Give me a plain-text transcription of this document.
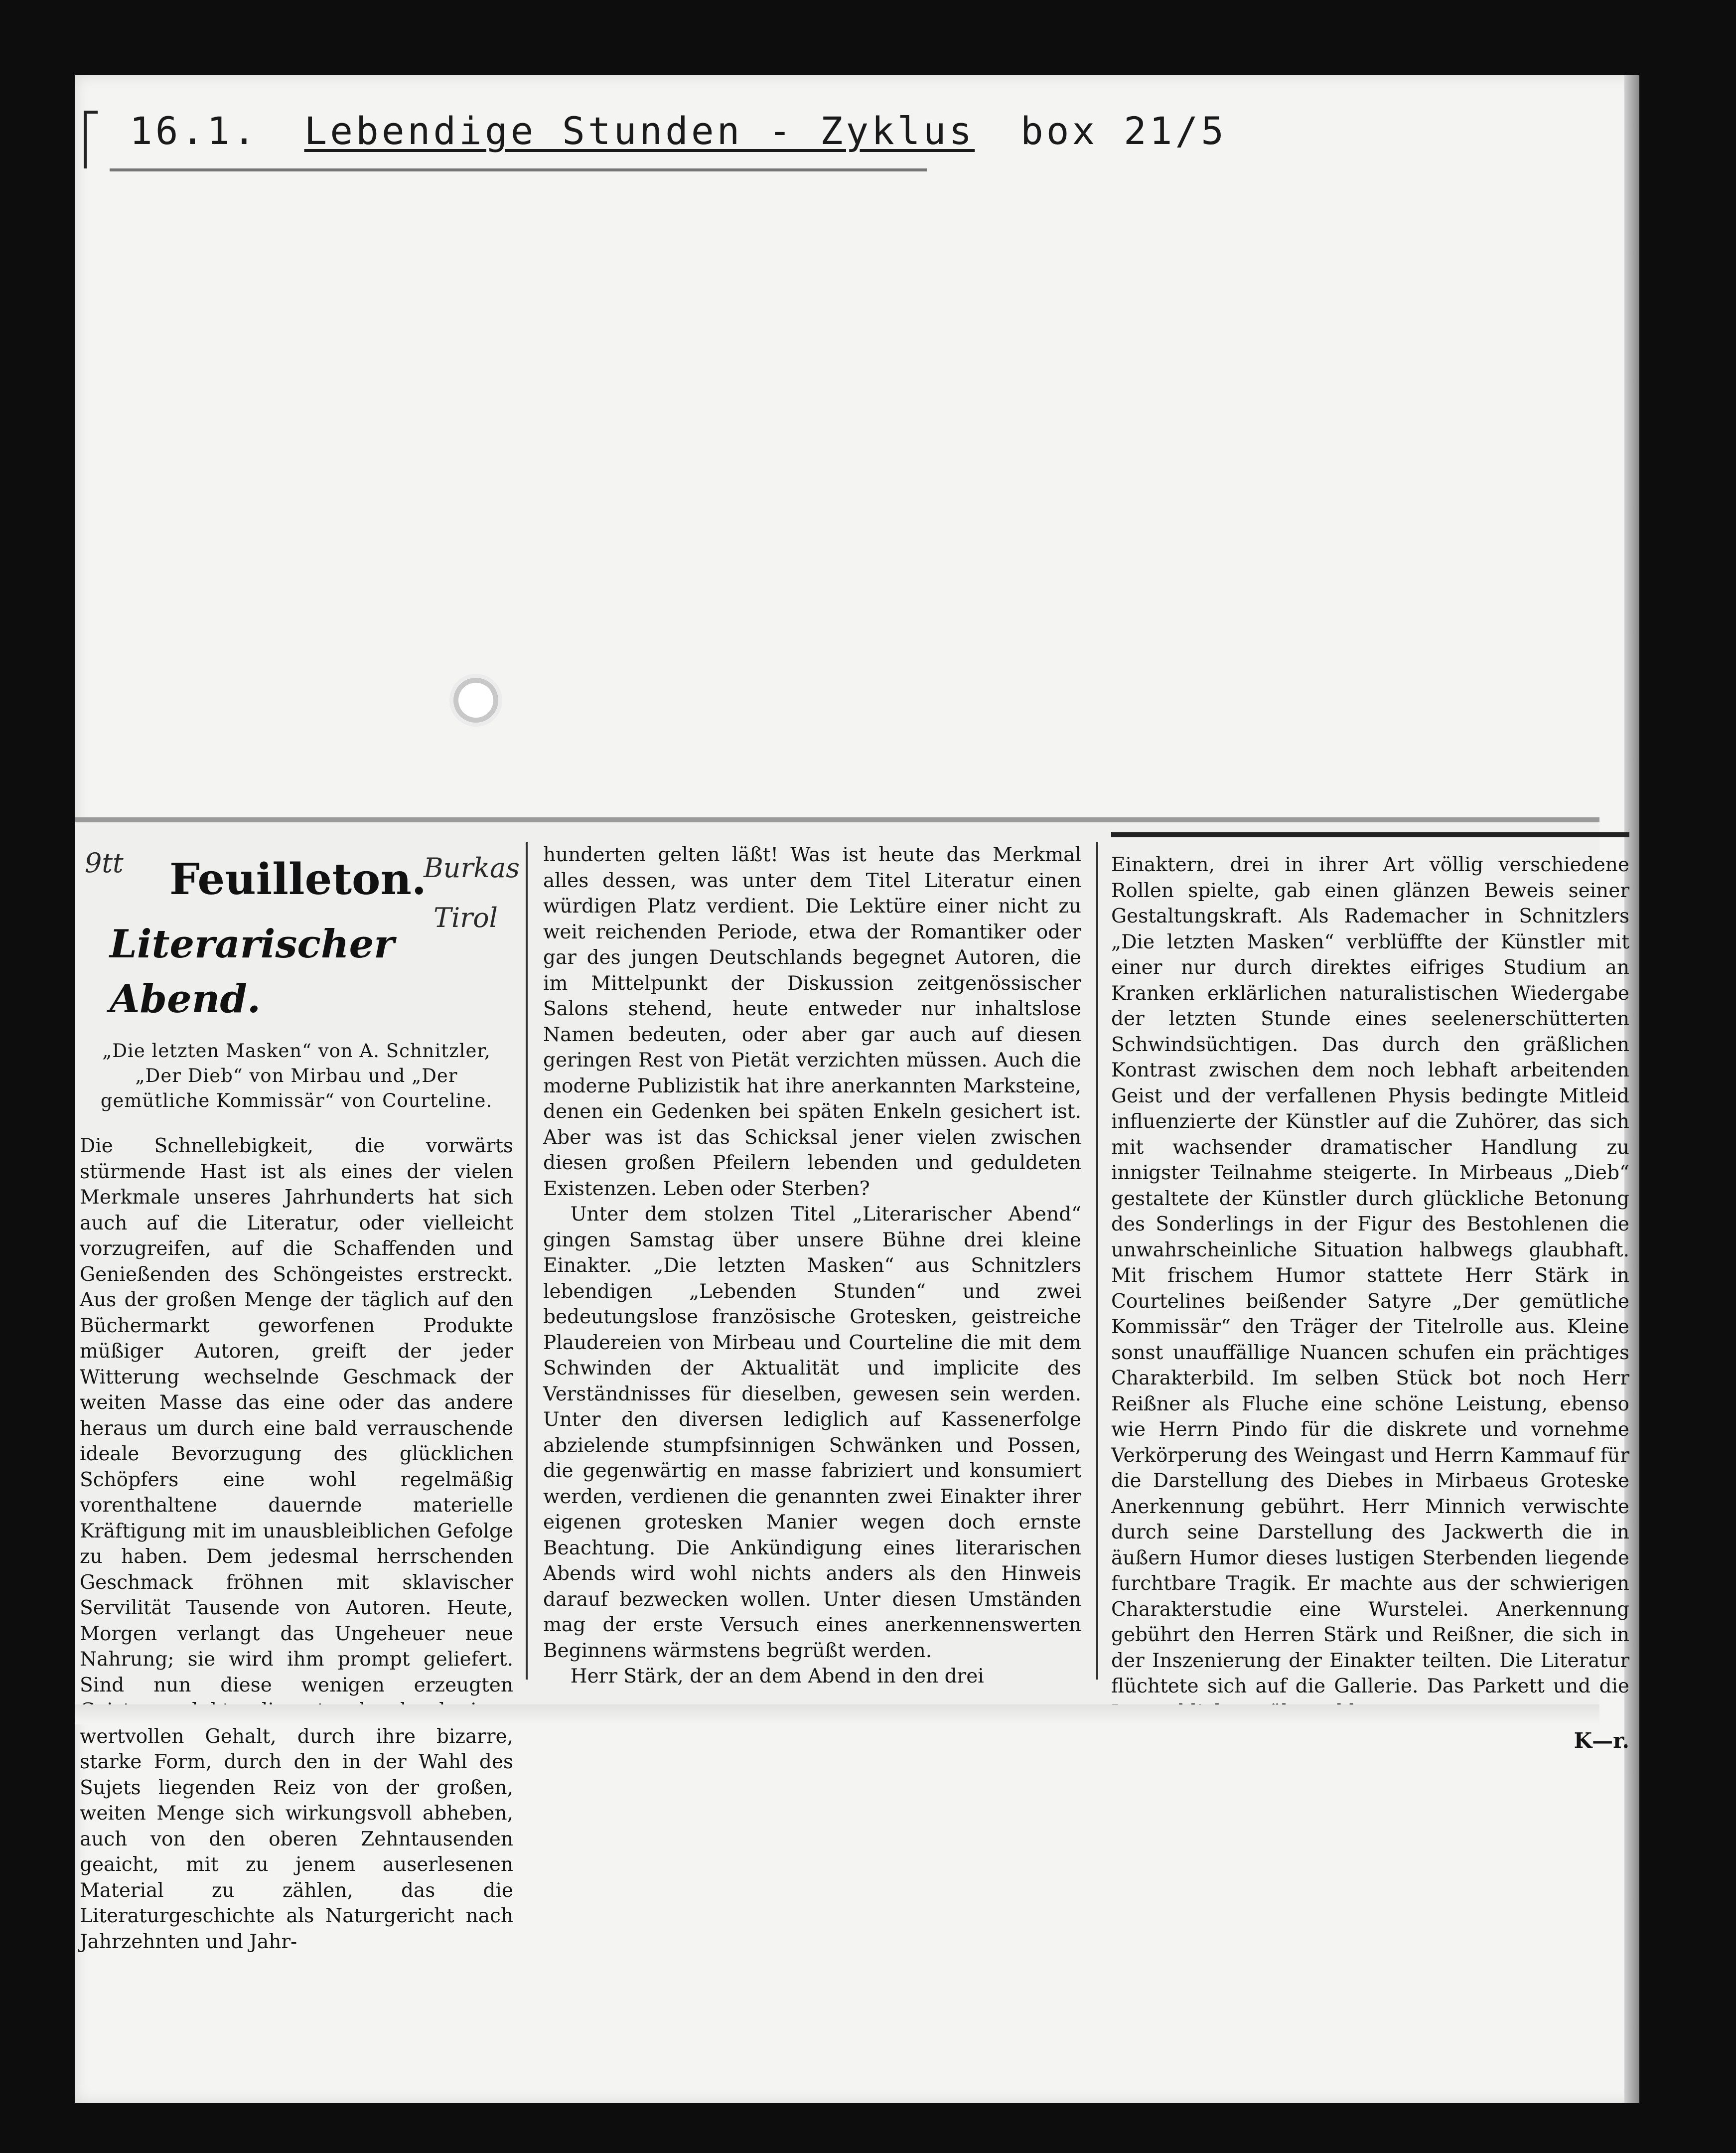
16.1. Lebendige Stunden - Zyklus box 21/5
9tt	Burkas
Tirol
Feuilleton.
Literarischer Abend.
„Die letzten Masken“ von A. Schnitzler, „Der Dieb“ von Mirbau und „Der gemütliche Kommissär“ von Courteline.

Die Schnellebigkeit, die vorwärts stürmende Hast ist als eines der vielen Merkmale unseres Jahrhunderts hat sich auch auf die Literatur, oder vielleicht vorzugreifen, auf die Schaffenden und Genießenden des Schöngeistes erstreckt. Aus der großen Menge der täglich auf den Büchermarkt geworfenen Produkte müßiger Autoren, greift der jeder Witterung wechselnde Geschmack der weiten Masse das eine oder das andere heraus um durch eine bald verrauschende ideale Bevorzugung des glücklichen Schöpfers eine wohl regelmäßig vorenthaltene dauernde materielle Kräftigung mit im unausbleiblichen Gefolge zu haben. Dem jedesmal herrschenden Geschmack fröhnen mit sklavischer Servilität Tausende von Autoren. Heute, Morgen verlangt das Ungeheuer neue Nahrung; sie wird ihm prompt geliefert. Sind nun diese wenigen erzeugten wertvollen Gehalt, durch ihre bizarre, starke Form, durch den in der Wahl des Sujets liegenden Reiz von der großen, weiten Menge sich wirkungsvoll abheben, auch von den oberen Zehntausenden geaicht, mit zu jenem auserlesenen Material zu zählen, das die Literaturgeschichte als Naturgericht nach Jahrzehnten und Jahr-

hunderten gelten läßt! Was ist heute das Merkmal alles dessen, was unter dem Titel Literatur einen würdigen Platz verdient. Die Lektüre einer nicht zu weit reichenden Periode, etwa der Romantiker oder gar des jungen Deutschlands begegnet Autoren, die im Mittelpunkt der Diskussion zeitgenössischer Salons stehend, heute entweder nur inhaltslose Namen bedeuten, oder aber gar auch auf diesen geringen Rest von Pietät verzichten müssen. Auch die moderne Publizistik hat ihre anerkannten Marksteine, denen ein Gedenken bei späten Enkeln gesichert ist. Aber was ist das Schicksal jener vielen zwischen diesen großen Pfeilern lebenden und geduldeten Existenzen. Leben oder Sterben?

Unter dem stolzen Titel „Literarischer Abend“ gingen Samstag über unsere Bühne drei kleine Einakter. „Die letzten Masken“ aus Schnitzlers lebendigen „Lebenden Stunden“ und zwei bedeutungslose französische Grotesken, geistreiche Plaudereien von Mirbeau und Courteline die mit dem Schwinden der Aktualität und implicite des Verständnisses für dieselben, gewesen sein werden. Unter den diversen lediglich auf Kassenerfolge abzielende stumpfsinnigen Schwänken und Possen, die gegenwärtig en masse fabriziert und konsumiert werden, verdienen die genannten zwei Einakter ihrer eigenen grotesken Manier wegen doch ernste Beachtung. Die Ankündigung eines literarischen Abends wird wohl nichts anders als den Hinweis darauf bezwecken wollen. Unter diesen Umständen mag der erste Versuch eines anerkennenswerten Beginnens wärmstens begrüßt werden.

Herr Stärk, der an dem Abend in den drei

Einaktern, drei in ihrer Art völlig verschiedene Rollen spielte, gab einen glänzen Beweis seiner Gestaltungskraft. Als Rademacher in Schnitzlers „Die letzten Masken“ verblüffte der Künstler mit einer nur durch direktes eifriges Studium an Kranken erklärlichen naturalistischen Wiedergabe der letzten Stunde eines seelenerschütterten Schwindsüchtigen. Das durch den gräßlichen Kontrast zwischen dem noch lebhaft arbeitenden Geist und der verfallenen Physis bedingte Mitleid influenzierte der Künstler auf die Zuhörer, das sich mit wachsender dramatischer Handlung zu innigster Teilnahme steigerte. In Mirbeaus „Dieb“ gestaltete der Künstler durch glückliche Betonung des Sonderlings in der Figur des Bestohlenen die unwahrscheinliche Situation halbwegs glaubhaft. Mit frischem Humor stattete Herr Stärk in Courtelines beißender Satyre „Der gemütliche Kommissär“ den Träger der Titelrolle aus. Kleine sonst unauffällige Nuancen schufen ein prächtiges Charakterbild. Im selben Stück bot noch Herr Reißner als Fluche eine schöne Leistung, ebenso wie Herrn Pindo für die diskrete und vornehme Verkörperung des Weingast und Herrn Kammauf für die Darstellung des Diebes in Mirbaeus Groteske Anerkennung gebührt. Herr Minnich verwischte durch seine Darstellung des Jackwerth die in äußern Humor dieses lustigen Sterbenden liegende furchtbare Tragik. Er machte aus der schwierigen Charakterstudie eine Wurstelei. Anerkennung gebührt den Herren Stärk und Reißner, die sich in der Inszenierung der Einakter teilten. Die Literatur flüchtete sich auf die Gallerie. Das Parkett und die

K—r.
